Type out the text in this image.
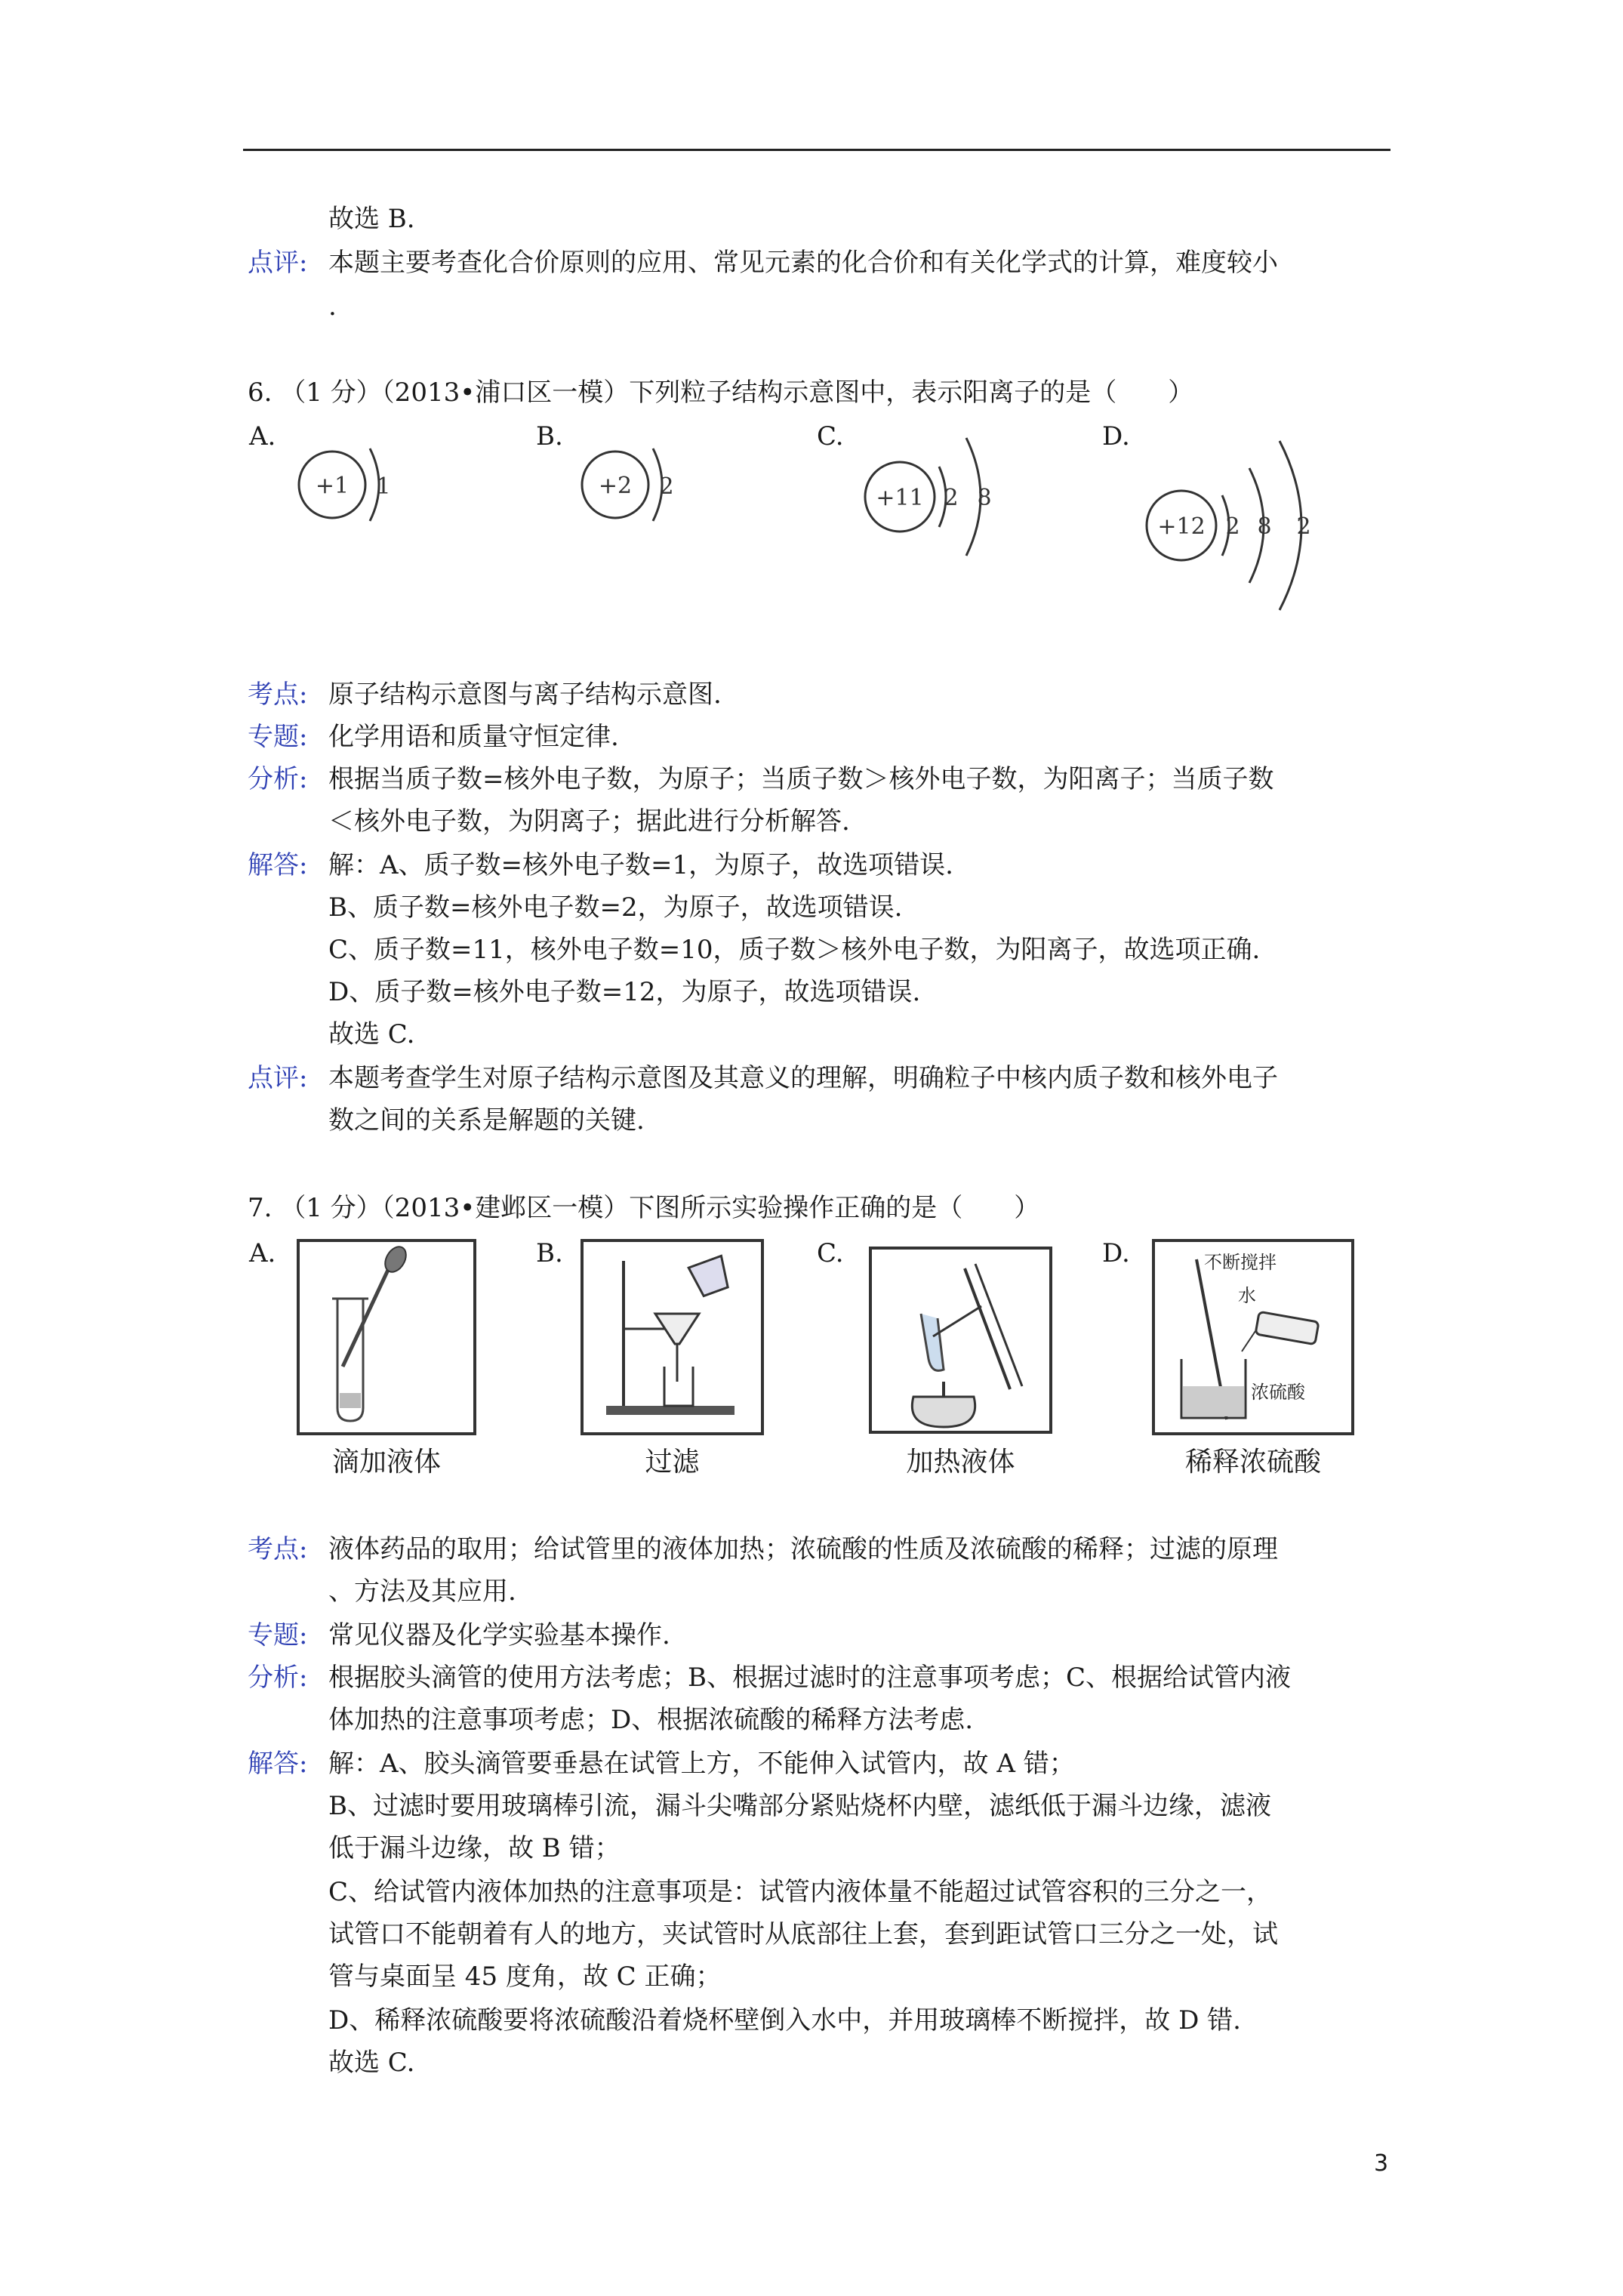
故选 B.
点评: 本题主要考查化合价原则的应用、常见元素的化合价和有关化学式的计算，难度较小
.
6. （1 分）（2013•浦口区一模）下列粒子结构示意图中，表示阳离子的是（　　）
A.	B.	C.	D.
+1 1	+2 2	+11 2 8
+12 2 8 2
考点: 原子结构示意图与离子结构示意图.
专题: 化学用语和质量守恒定律.
分析: 根据当质子数=核外电子数，为原子；当质子数＞核外电子数，为阳离子；当质子数
＜核外电子数，为阴离子；据此进行分析解答.
解答: 解：A、质子数=核外电子数=1，为原子，故选项错误.
B、质子数=核外电子数=2，为原子，故选项错误.
C、质子数=11，核外电子数=10，质子数＞核外电子数，为阳离子，故选项正确.
D、质子数=核外电子数=12，为原子，故选项错误.
故选 C.
点评: 本题考查学生对原子结构示意图及其意义的理解，明确粒子中核内质子数和核外电子
数之间的关系是解题的关键.
7. （1 分）（2013•建邺区一模）下图所示实验操作正确的是（　　）
A.	B.	C.	D.	不断搅拌
水
浓硫酸
滴加液体	过滤	加热液体	稀释浓硫酸
考点: 液体药品的取用；给试管里的液体加热；浓硫酸的性质及浓硫酸的稀释；过滤的原理
、方法及其应用.
专题: 常见仪器及化学实验基本操作.
分析: 根据胶头滴管的使用方法考虑；B、根据过滤时的注意事项考虑；C、根据给试管内液
体加热的注意事项考虑；D、根据浓硫酸的稀释方法考虑.
解答: 解：A、胶头滴管要垂悬在试管上方，不能伸入试管内，故 A 错；
B、过滤时要用玻璃棒引流，漏斗尖嘴部分紧贴烧杯内壁，滤纸低于漏斗边缘，滤液
低于漏斗边缘，故 B 错；
C、给试管内液体加热的注意事项是：试管内液体量不能超过试管容积的三分之一，
试管口不能朝着有人的地方，夹试管时从底部往上套，套到距试管口三分之一处，试
管与桌面呈 45 度角，故 C 正确；
D、稀释浓硫酸要将浓硫酸沿着烧杯壁倒入水中，并用玻璃棒不断搅拌，故 D 错.
故选 C.
3
